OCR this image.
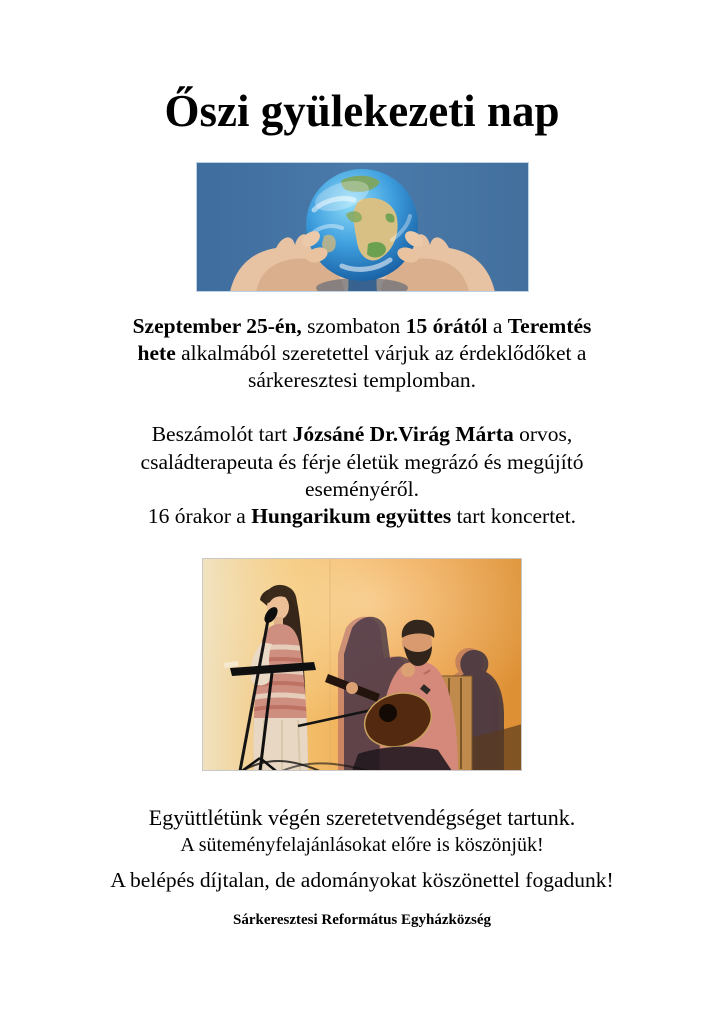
Őszi gyülekezeti nap

Szeptember 25-én, szombaton 15 órától a Teremtés
hete alkalmából szeretettel várjuk az érdeklődőket a
sárkeresztesi templomban.

Beszámolót tart Józsáné Dr.Virág Márta orvos,
családterapeuta és férje életük megrázó és megújító
eseményéről.
16 órakor a Hungarikum együttes tart koncertet.

Együttlétünk végén szeretetvendégséget tartunk.

A süteményfelajánlásokat előre is köszönjük!

A belépés díjtalan, de adományokat köszönettel fogadunk!

Sárkeresztesi Református Egyházközség
